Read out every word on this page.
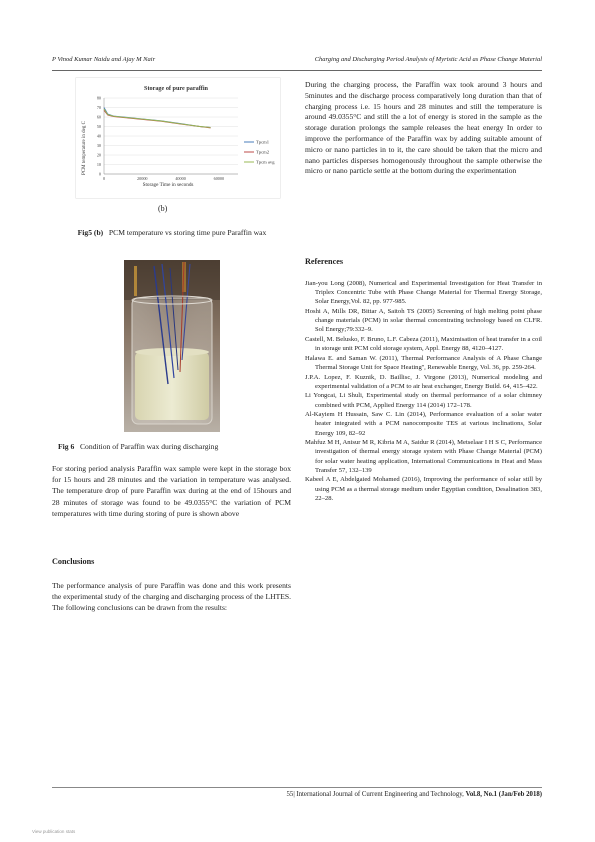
P Vinod Kumar Naidu and Ajay M Nair	Charging and Discharging Period Analysis of Myristic Acid as Phase Change Material
Storage of pure paraffin
PCM temperature in deg C
Storage Time in seconds
0
10
20
30
40
50
60
70
80
0	20000	40000	60000
Tpcm1
Tpcm2
Tpcm avg
(b)
Fig5 (b) PCM temperature vs storing time pure Paraffin wax
Fig 6 Condition of Paraffin wax during discharging
For storing period analysis Paraffin wax sample were kept in the storage box for 15 hours and 28 minutes and the variation in temperature was analysed. The temperature drop of pure Paraffin wax during at the end of 15hours and 28 minutes of storage was found to be 49.0355°C the variation of PCM temperatures with time during storing of pure is shown above
Conclusions
The performance analysis of pure Paraffin was done and this work presents the experimental study of the charging and discharging process of the LHTES. The following conclusions can be drawn from the results:
During the charging process, the Paraffin wax took around 3 hours and 5minutes and the discharge process comparatively long duration than that of charging process i.e. 15 hours and 28 minutes and still the temperature is around 49.0355°C and still the a lot of energy is stored in the sample as the storage duration prolongs the sample releases the heat energy In order to improve the performance of the Paraffin wax by adding suitable amount of micro or nano particles in to it, the care should be taken that the micro and nano particles disperses homogenously throughout the sample otherwise the micro or nano particle settle at the bottom during the experimentation
References

Jian-you Long (2008), Numerical and Experimental Investigation for Heat Transfer in Triplex Concentric Tube with Phase Change Material for Thermal Energy Storage, Solar Energy,Vol. 82, pp. 977-985.

Hoshi A, Mills DR, Bittar A, Saitoh TS (2005) Screening of high melting point phase change materials (PCM) in solar thermal concentrating technology based on CLFR. Sol Energy;79:332–9.

Castell, M. Belusko, F. Bruno, L.F. Cabeza (2011), Maximisation of heat transfer in a coil in storage unit PCM cold storage system, Appl. Energy 88, 4120–4127.

Halawa E. and Saman W. (2011), Thermal Performance Analysis of A Phase Change Thermal Storage Unit for Space Heating'', Renewable Energy, Vol. 36, pp. 259-264.

J.P.A. Lopez, F. Kuznik, D. Baillisc, J. Virgone (2013), Numerical modeling and experimental validation of a PCM to air heat exchanger, Energy Build. 64, 415–422.

Li Yongcai, Li Shuli, Experimental study on thermal performance of a solar chimney combined with PCM, Applied Energy 114 (2014) 172–178.

Al-Kayiem H Hussain, Saw C. Lin (2014), Performance evaluation of a solar water heater integrated with a PCM nanocomposite TES at various inclinations, Solar Energy 109, 82–92

Mahfuz M H, Anisur M R, Kibria M A, Saidur R (2014), Metselaar I H S C, Performance investigation of thermal energy storage system with Phase Change Material (PCM) for solar water heating application, International Communications in Heat and Mass Transfer 57, 132–139

Kabeel A E, Abdelgaied Mohamed (2016), Improving the performance of solar still by using PCM as a thermal storage medium under Egyptian condition, Desalination 383, 22–28.

55| International Journal of Current Engineering and Technology, Vol.8, No.1 (Jan/Feb 2018)
View publication stats
